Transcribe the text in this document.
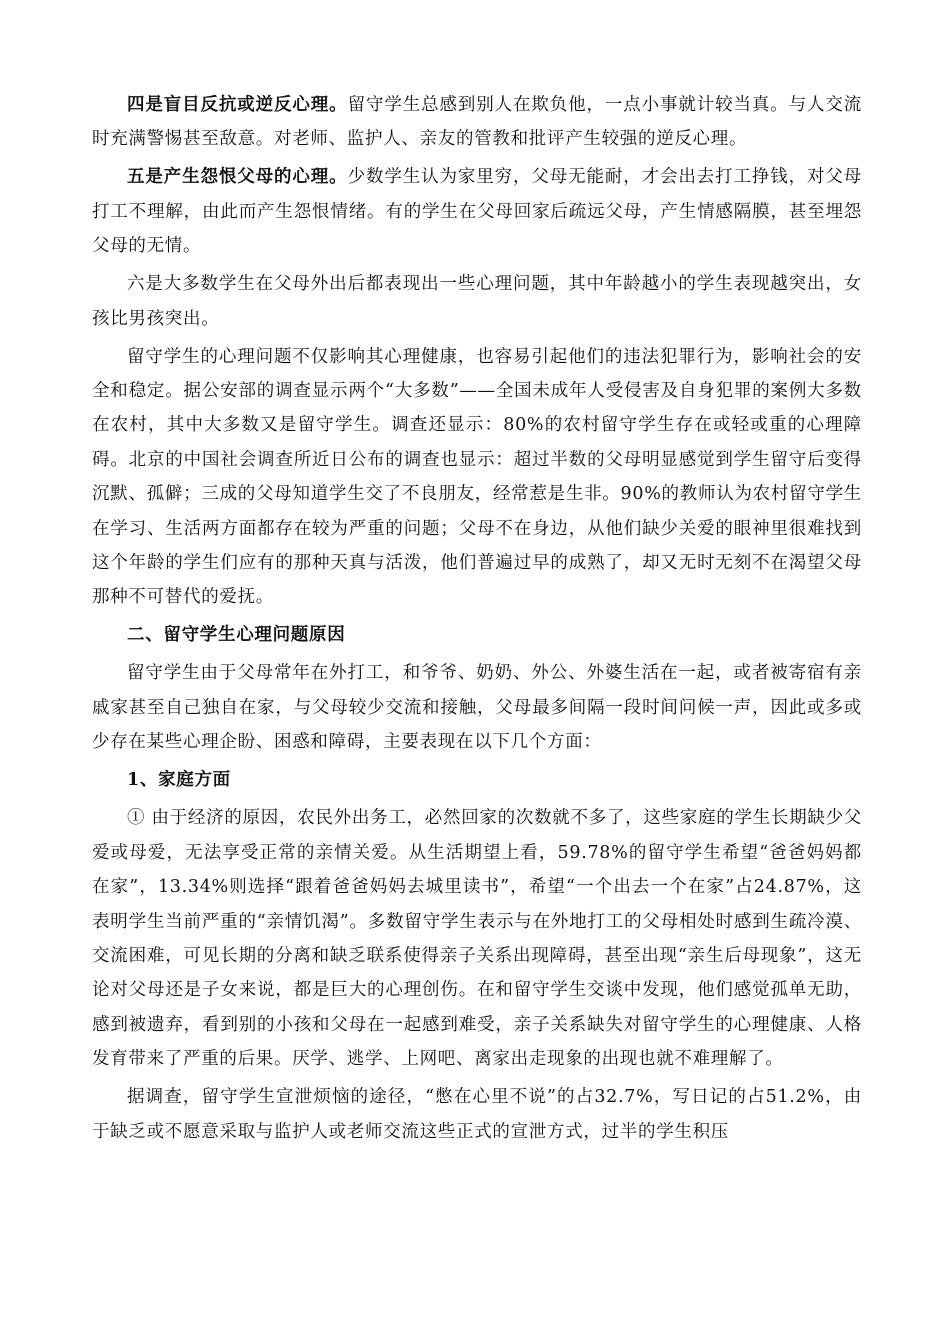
四是盲目反抗或逆反心理。留守学生总感到别人在欺负他，一点小事就计较当真。与人交流时充满警惕甚至敌意。对老师、监护人、亲友的管教和批评产生较强的逆反心理。

五是产生怨恨父母的心理。少数学生认为家里穷，父母无能耐，才会出去打工挣钱，对父母打工不理解，由此而产生怨恨情绪。有的学生在父母回家后疏远父母，产生情感隔膜，甚至埋怨父母的无情。

六是大多数学生在父母外出后都表现出一些心理问题，其中年龄越小的学生表现越突出，女孩比男孩突出。

留守学生的心理问题不仅影响其心理健康，也容易引起他们的违法犯罪行为，影响社会的安全和稳定。据公安部的调查显示两个“大多数”——全国未成年人受侵害及自身犯罪的案例大多数在农村，其中大多数又是留守学生。调查还显示：80%的农村留守学生存在或轻或重的心理障碍。北京的中国社会调查所近日公布的调查也显示：超过半数的父母明显感觉到学生留守后变得沉默、孤僻；三成的父母知道学生交了不良朋友，经常惹是生非。90%的教师认为农村留守学生在学习、生活两方面都存在较为严重的问题；父母不在身边，从他们缺少关爱的眼神里很难找到这个年龄的学生们应有的那种天真与活泼，他们普遍过早的成熟了，却又无时无刻不在渴望父母那种不可替代的爱抚。

二、留守学生心理问题原因

留守学生由于父母常年在外打工，和爷爷、奶奶、外公、外婆生活在一起，或者被寄宿有亲戚家甚至自己独自在家，与父母较少交流和接触，父母最多间隔一段时间问候一声，因此或多或少存在某些心理企盼、困惑和障碍，主要表现在以下几个方面：

1、家庭方面

① 由于经济的原因，农民外出务工，必然回家的次数就不多了，这些家庭的学生长期缺少父爱或母爱，无法享受正常的亲情关爱。从生活期望上看，59.78%的留守学生希望“爸爸妈妈都在家”，13.34%则选择“跟着爸爸妈妈去城里读书”，希望“一个出去一个在家”占24.87%，这表明学生当前严重的“亲情饥渴”。多数留守学生表示与在外地打工的父母相处时感到生疏冷漠、交流困难，可见长期的分离和缺乏联系使得亲子关系出现障碍，甚至出现“亲生后母现象”，这无论对父母还是子女来说，都是巨大的心理创伤。在和留守学生交谈中发现，他们感觉孤单无助，感到被遗弃，看到别的小孩和父母在一起感到难受，亲子关系缺失对留守学生的心理健康、人格发育带来了严重的后果。厌学、逃学、上网吧、离家出走现象的出现也就不难理解了。

据调查，留守学生宣泄烦恼的途径，“憋在心里不说”的占32.7%，写日记的占51.2%，由于缺乏或不愿意采取与监护人或老师交流这些正式的宣泄方式，过半的学生积压
